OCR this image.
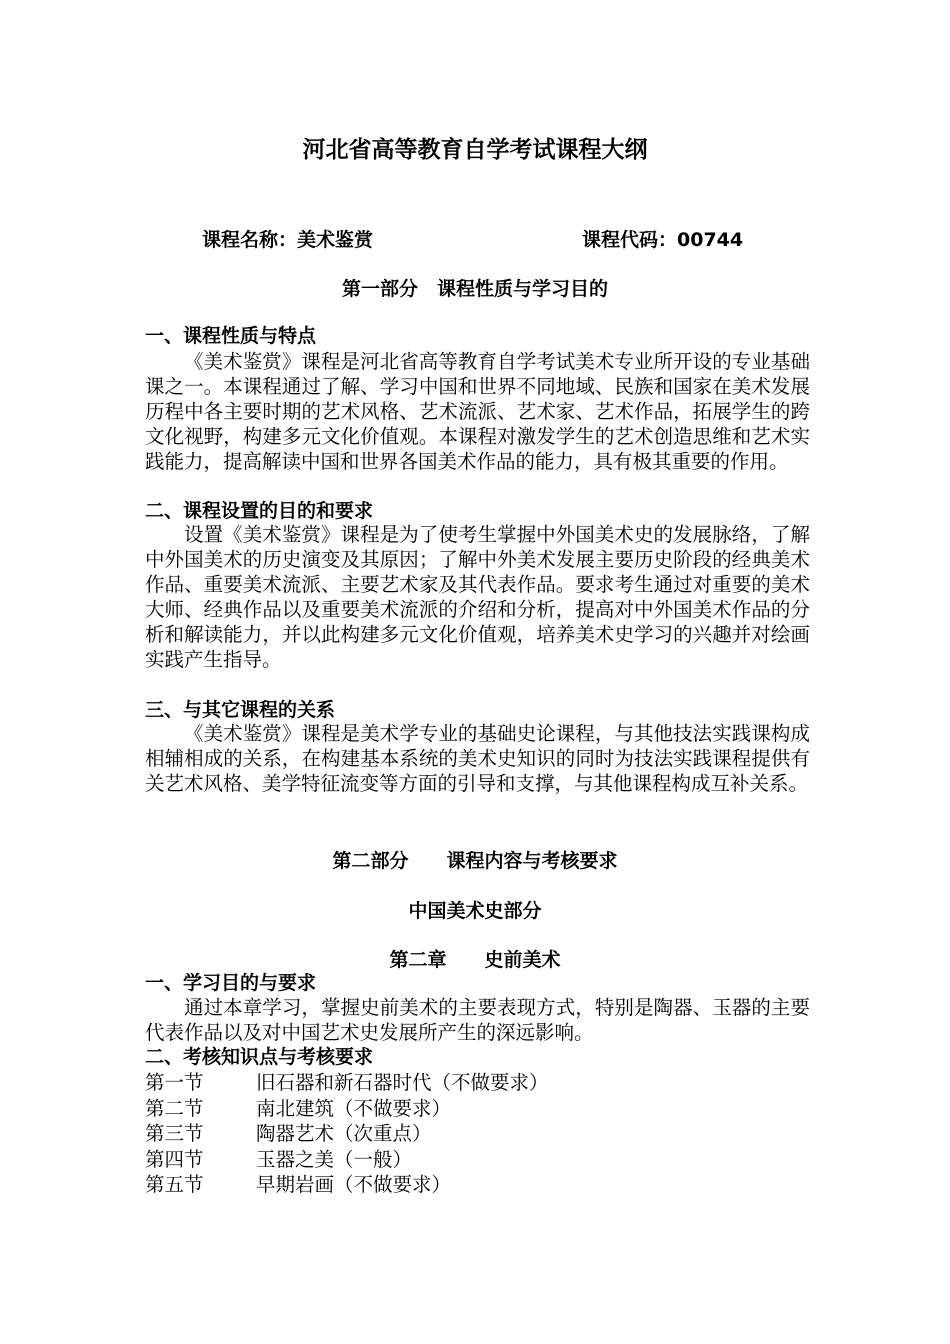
河北省高等教育自学考试课程大纲
课程名称：美术鉴赏	课程代码：00744
第一部分　课程性质与学习目的
一、课程性质与特点
《美术鉴赏》课程是河北省高等教育自学考试美术专业所开设的专业基础课之一。本课程通过了解、学习中国和世界不同地域、民族和国家在美术发展历程中各主要时期的艺术风格、艺术流派、艺术家、艺术作品，拓展学生的跨文化视野，构建多元文化价值观。本课程对激发学生的艺术创造思维和艺术实践能力，提高解读中国和世界各国美术作品的能力，具有极其重要的作用。
二、课程设置的目的和要求
设置《美术鉴赏》课程是为了使考生掌握中外国美术史的发展脉络，了解中外国美术的历史演变及其原因；了解中外美术发展主要历史阶段的经典美术作品、重要美术流派、主要艺术家及其代表作品。要求考生通过对重要的美术大师、经典作品以及重要美术流派的介绍和分析，提高对中外国美术作品的分析和解读能力，并以此构建多元文化价值观，培养美术史学习的兴趣并对绘画实践产生指导。
三、与其它课程的关系
《美术鉴赏》课程是美术学专业的基础史论课程，与其他技法实践课构成相辅相成的关系，在构建基本系统的美术史知识的同时为技法实践课程提供有关艺术风格、美学特征流变等方面的引导和支撑，与其他课程构成互补关系。
第二部分　　课程内容与考核要求
中国美术史部分
第二章　　史前美术
一、学习目的与要求
通过本章学习，掌握史前美术的主要表现方式，特别是陶器、玉器的主要代表作品以及对中国艺术史发展所产生的深远影响。
二、考核知识点与考核要求
第一节	旧石器和新石器时代（不做要求）
第二节	南北建筑（不做要求）
第三节	陶器艺术（次重点）
第四节	玉器之美（一般）
第五节	早期岩画（不做要求）
